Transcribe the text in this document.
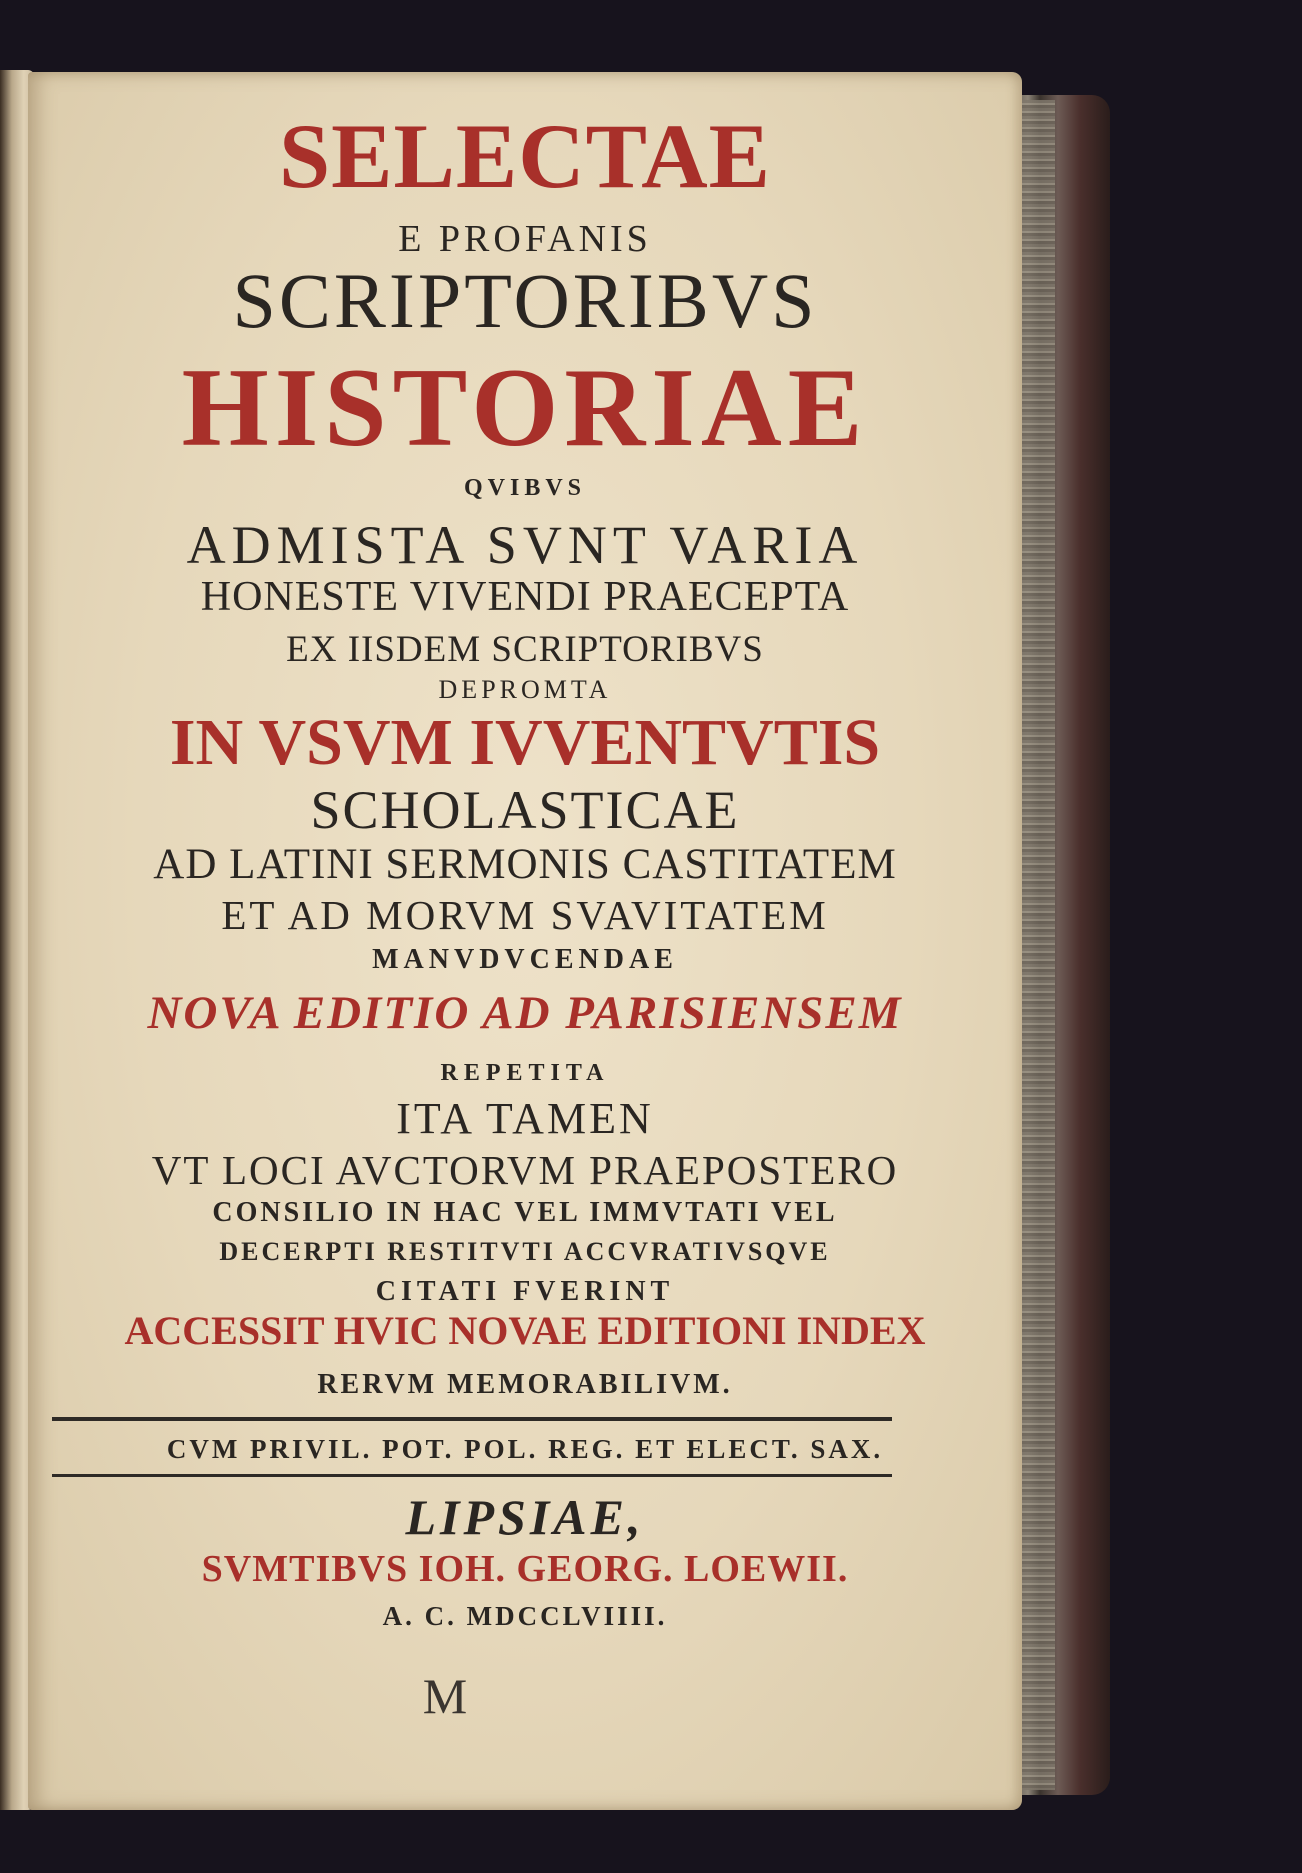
SELECTAE
E PROFANIS
SCRIPTORIBVS
HISTORIAE
QVIBVS
ADMISTA SVNT VARIA
HONESTE VIVENDI PRAECEPTA
EX IISDEM SCRIPTORIBVS
DEPROMTA
IN VSVM IVVENTVTIS
SCHOLASTICAE
AD LATINI SERMONIS CASTITATEM
ET AD MORVM SVAVITATEM
MANVDVCENDAE
NOVA EDITIO AD PARISIENSEM
REPETITA
ITA TAMEN
VT LOCI AVCTORVM PRAEPOSTERO
CONSILIO IN HAC VEL IMMVTATI VEL
DECERPTI RESTITVTI ACCVRATIVSQVE
CITATI FVERINT
ACCESSIT HVIC NOVAE EDITIONI INDEX
RERVM MEMORABILIVM.
CVM PRIVIL. POT. POL. REG. ET ELECT. SAX.
LIPSIAE,
SVMTIBVS IOH. GEORG. LOEWII.
A. C. MDCCLVIIII.
M
